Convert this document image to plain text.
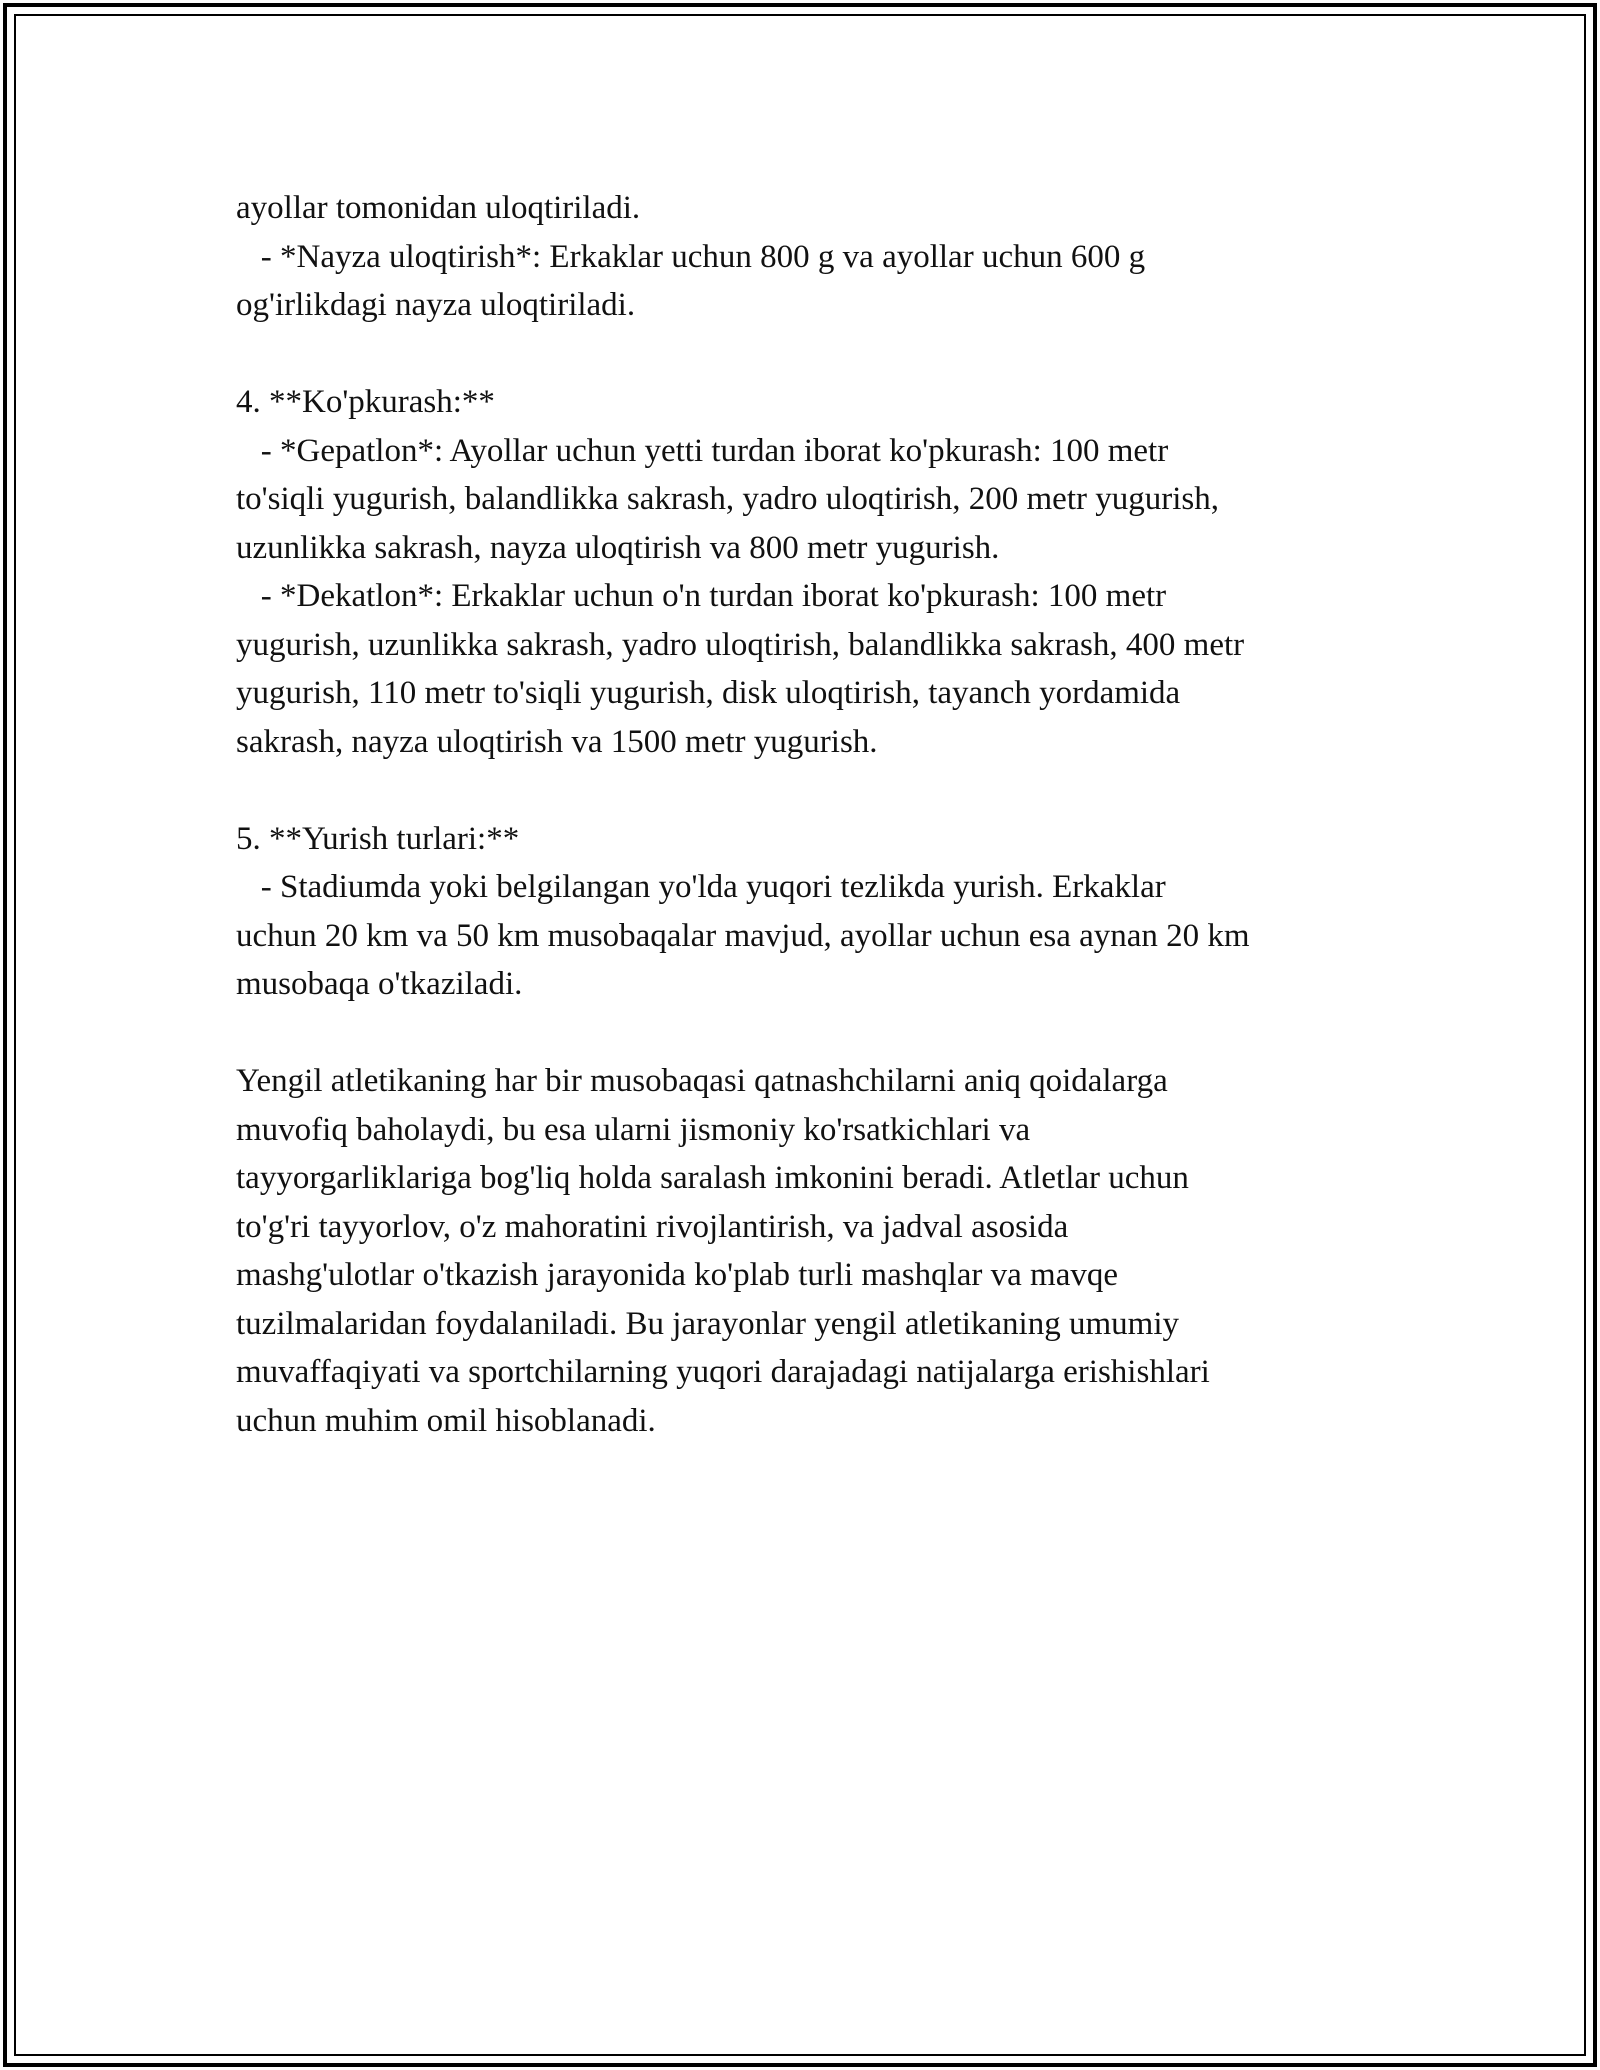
ayollar tomonidan uloqtiriladi.
- *Nayza uloqtirish*: Erkaklar uchun 800 g va ayollar uchun 600 g
og'irlikdagi nayza uloqtiriladi.
4. **Ko'pkurash:**
- *Gepatlon*: Ayollar uchun yetti turdan iborat ko'pkurash: 100 metr
to'siqli yugurish, balandlikka sakrash, yadro uloqtirish, 200 metr yugurish,
uzunlikka sakrash, nayza uloqtirish va 800 metr yugurish.
- *Dekatlon*: Erkaklar uchun o'n turdan iborat ko'pkurash: 100 metr
yugurish, uzunlikka sakrash, yadro uloqtirish, balandlikka sakrash, 400 metr
yugurish, 110 metr to'siqli yugurish, disk uloqtirish, tayanch yordamida
sakrash, nayza uloqtirish va 1500 metr yugurish.
5. **Yurish turlari:**
- Stadiumda yoki belgilangan yo'lda yuqori tezlikda yurish. Erkaklar
uchun 20 km va 50 km musobaqalar mavjud, ayollar uchun esa aynan 20 km
musobaqa o'tkaziladi.
Yengil atletikaning har bir musobaqasi qatnashchilarni aniq qoidalarga
muvofiq baholaydi, bu esa ularni jismoniy ko'rsatkichlari va
tayyorgarliklariga bog'liq holda saralash imkonini beradi. Atletlar uchun
to'g'ri tayyorlov, o'z mahoratini rivojlantirish, va jadval asosida
mashg'ulotlar o'tkazish jarayonida ko'plab turli mashqlar va mavqe
tuzilmalaridan foydalaniladi. Bu jarayonlar yengil atletikaning umumiy
muvaffaqiyati va sportchilarning yuqori darajadagi natijalarga erishishlari
uchun muhim omil hisoblanadi.
